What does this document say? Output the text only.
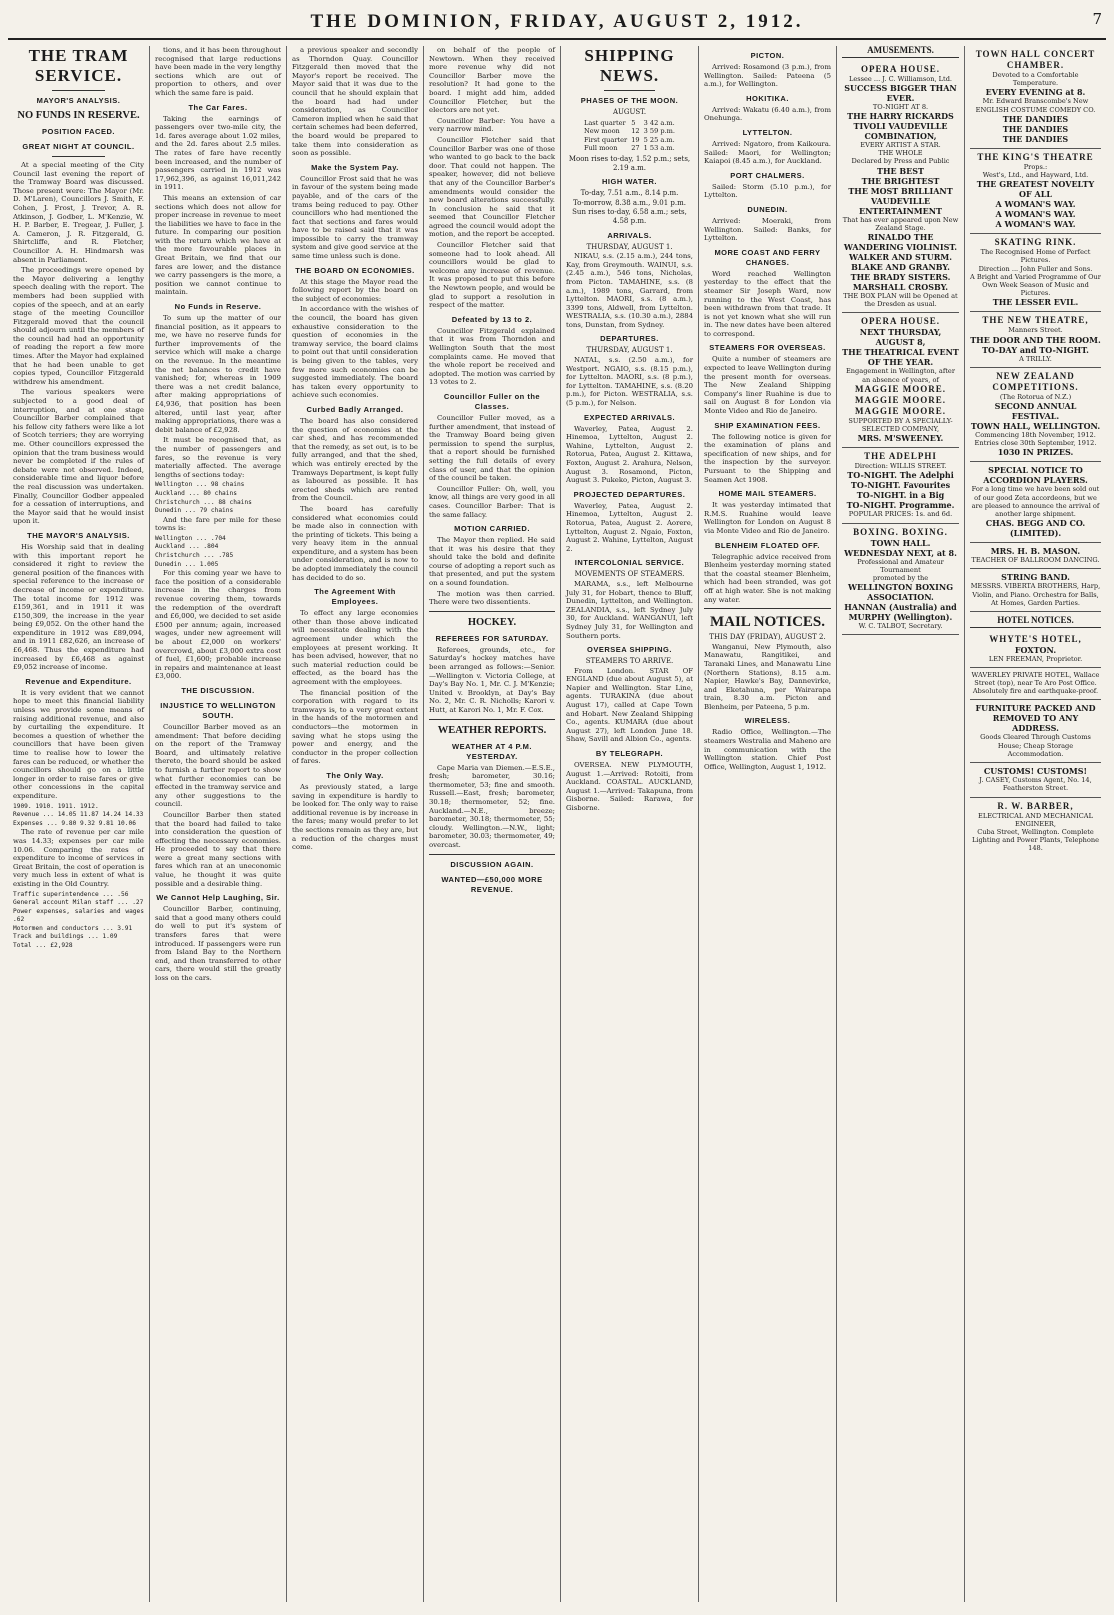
THE DOMINION, FRIDAY, AUGUST 2, 1912.	7
THE TRAM SERVICE.
MAYOR'S ANALYSIS.
NO FUNDS IN RESERVE.
POSITION FACED.
GREAT NIGHT AT COUNCIL.

At a special meeting of the City Council last evening the report of the Tramway Board was discussed. Those present were: The Mayor (Mr. D. M'Laren), Councillors J. Smith, F. Cohen, J. Frost, J. Trevor, A. R. Atkinson, J. Godber, L. M'Kenzie, W. H. P. Barber, E. Tregear, J. Fuller, J. A. Cameron, J. R. Fitzgerald, G. Shirtcliffe, and R. Fletcher, Councillor A. H. Hindmarsh was absent in Parliament.

The proceedings were opened by the Mayor delivering a lengthy speech dealing with the report. The members had been supplied with copies of the speech, and at an early stage of the meeting Councillor Fitzgerald moved that the council should adjourn until the members of the council had had an opportunity of reading the report a few more times. After the Mayor had explained that he had been unable to get copies typed, Councillor Fitzgerald withdrew his amendment.

The various speakers were subjected to a good deal of interruption, and at one stage Councillor Barber complained that his fellow city fathers were like a lot of Scotch terriers; they are worrying me. Other councillors expressed the opinion that the tram business would never be completed if the rules of debate were not observed. Indeed, considerable time and liquor before the real discussion was undertaken. Finally, Councillor Godber appealed for a cessation of interruptions, and the Mayor said that he would insist upon it.

THE MAYOR'S ANALYSIS.

His Worship said that in dealing with this important report he considered it right to review the general position of the finances with special reference to the increase or decrease of income or expenditure. The total income for 1912 was £159,361, and in 1911 it was £150,309, the increase in the year being £9,052. On the other hand the expenditure in 1912 was £89,094, and in 1911 £82,626, an increase of £6,468. Thus the expenditure had increased by £6,468 as against £9,052 increase of income.

Revenue and Expenditure.

It is very evident that we cannot hope to meet this financial liability unless we provide some means of raising additional revenue, and also by curtailing the expenditure. It becomes a question of whether the councillors that have been given time to realise how to lower the fares can be reduced, or whether the councillors should go on a little longer in order to raise fares or give other concessions in the capital expenditure.

1909. 1910. 1911. 1912.
Revenue ... 14.05 11.87 14.24 14.33
Expenses ... 9.80 9.32 9.81 10.06

The rate of revenue per car mile was 14.33; expenses per car mile 10.06. Comparing the rates of expenditure to income of services in Great Britain, the cost of operation is very much less in extent of what is existing in the Old Country.

Traffic superintendence ... .56
General account Milan staff ... .27
Power expenses, salaries and wages .62
Motormen and conductors ... 3.91
Track and buildings ... 1.09
Total ... £2,928

tions, and it has been throughout recognised that large reductions have been made in the very lengthy sections which are out of proportion to others, and over which the same fare is paid.

The Car Fares.

Taking the earnings of passengers over two-mile city, the 1d. fares average about 1.02 miles, and the 2d. fares about 2.5 miles. The rates of fare have recently been increased, and the number of passengers carried in 1912 was 17,962,396, as against 16,011,242 in 1911.

This means an extension of car sections which does not allow for proper increase in revenue to meet the liabilities we have to face in the future. In comparing our position with the return which we have at the more favourable places in Great Britain, we find that our fares are lower, and the distance we carry passengers is the more, a position we cannot continue to maintain.

No Funds in Reserve.

To sum up the matter of our financial position, as it appears to me, we have no reserve funds for further improvements of the service which will make a charge on the revenue. In the meantime the net balances to credit have vanished; for, whereas in 1909 there was a net credit balance, after making appropriations of £4,936, that position has been altered, until last year, after making appropriations, there was a debit balance of £2,928.

It must be recognised that, as the number of passengers and fares, so the revenue is very materially affected. The average lengths of sections today:

Wellington ... 98 chains
Auckland ... 80 chains
Christchurch ... 88 chains
Dunedin ... 79 chains

And the fare per mile for these towns is:

Wellington ... .704
Auckland ... .804
Christchurch ... .785
Dunedin ... 1.005

For this coming year we have to face the position of a considerable increase in the charges from revenue covering them, towards the redemption of the overdraft and £6,000, we decided to set aside £500 per annum; again, increased wages, under new agreement will be about £2,000 on workers' overcrowd, about £3,000 extra cost of fuel, £1,600; probable increase in repairs and maintenance at least £3,000.

THE DISCUSSION.
INJUSTICE TO WELLINGTON SOUTH.

Councillor Barber moved as an amendment: That before deciding on the report of the Tramway Board, and ultimately relative thereto, the board should be asked to furnish a further report to show what further economies can be effected in the tramway service and any other suggestions to the council.

Councillor Barber then stated that the board had failed to take into consideration the question of effecting the necessary economies. He proceeded to say that there were a great many sections with fares which ran at an uneconomic value, he thought it was quite possible and a desirable thing.

We Cannot Help Laughing, Sir.

Councillor Barber, continuing, said that a good many others could do well to put it's system of transfers fares that were introduced. If passengers were run from Island Bay to the Northern end, and then transferred to other cars, there would still the greatly loss on the cars.

a previous speaker and secondly as Thorndon Quay. Councillor Fitzgerald then moved that the Mayor's report be received. The Mayor said that it was due to the council that he should explain that the board had had under consideration, as Councillor Cameron implied when he said that certain schemes had been deferred, the board would be prepared to take them into consideration as soon as possible.

Make the System Pay.

Councillor Frost said that he was in favour of the system being made payable, and of the cars of the trams being reduced to pay. Other councillors who had mentioned the fact that sections and fares would have to be raised said that it was impossible to carry the tramway system and give good service at the same time unless such is done.

THE BOARD ON ECONOMIES.

At this stage the Mayor read the following report by the board on the subject of economies:

In accordance with the wishes of the council, the board has given exhaustive consideration to the question of economies in the tramway service, the board claims to point out that until consideration is being given to the tables, very few more such economies can be suggested immediately. The board has taken every opportunity to achieve such economies.

Curbed Badly Arranged.

The board has also considered the question of economies at the car shed, and has recommended that the remedy, as set out, is to be fully arranged, and that the shed, which was entirely erected by the Tramways Department, is kept fully as laboured as possible. It has erected sheds which are rented from the Council.

The board has carefully considered what economies could be made also in connection with the printing of tickets. This being a very heavy item in the annual expenditure, and a system has been under consideration, and is now to be adopted immediately the council has decided to do so.

The Agreement With Employees.

To effect any large economies other than those above indicated will necessitate dealing with the agreement under which the employees at present working. It has been advised, however, that no such material reduction could be effected, as the board has the agreement with the employees.

The financial position of the corporation with regard to its tramways is, to a very great extent in the hands of the motormen and conductors—the motormen in saving what he stops using the power and energy, and the conductor in the proper collection of fares.

The Only Way.

As previously stated, a large saving in expenditure is hardly to be looked for. The only way to raise additional revenue is by increase in the fares; many would prefer to let the sections remain as they are, but a reduction of the charges must come.

on behalf of the people of Newtown. When they received more revenue why did not Councillor Barber move the resolution? It had gone to the board. I might add him, added Councillor Fletcher, but the electors are not yet.

Councillor Barber: You have a very narrow mind.

Councillor Fletcher said that Councillor Barber was one of those who wanted to go back to the back door. That could not happen. The speaker, however, did not believe that any of the Councillor Barber's amendments would consider the new board alterations successfully. In conclusion he said that it seemed that Councillor Fletcher agreed the council would adopt the motion, and the report be accepted.

Councillor Fletcher said that someone had to look ahead. All councillors would be glad to welcome any increase of revenue. It was proposed to put this before the Newtown people, and would be glad to support a resolution in respect of the matter.

Defeated by 13 to 2.

Councillor Fitzgerald explained that it was from Thorndon and Wellington South that the most complaints came. He moved that the whole report be received and adopted. The motion was carried by 13 votes to 2.

Councillor Fuller on the Classes.

Councillor Fuller moved, as a further amendment, that instead of the Tramway Board being given permission to spend the surplus, that a report should be furnished setting the full details of every class of user, and that the opinion of the council be taken.

Councillor Fuller: Oh, well, you know, all things are very good in all cases. Councillor Barber: That is the same fallacy.

MOTION CARRIED.

The Mayor then replied. He said that it was his desire that they should take the bold and definite course of adopting a report such as that presented, and put the system on a sound foundation.

The motion was then carried. There were two dissentients.

HOCKEY.
REFEREES FOR SATURDAY.

Referees, grounds, etc., for Saturday's hockey matches have been arranged as follows:—Senior.—Wellington v. Victoria College, at Day's Bay No. 1, Mr. C. J. M'Kenzie; United v. Brooklyn, at Day's Bay No. 2, Mr. C. R. Nicholls; Karori v. Hutt, at Karori No. 1, Mr. F. Cox.

WEATHER REPORTS.
WEATHER AT 4 P.M. YESTERDAY.

Cape Maria van Diemen.—E.S.E., fresh; barometer, 30.16; thermometer, 53; fine and smooth. Russell.—East, fresh; barometer, 30.18; thermometer, 52; fine. Auckland.—N.E., breeze; barometer, 30.18; thermometer, 55; cloudy. Wellington.—N.W., light; barometer, 30.03; thermometer, 49; overcast.

DISCUSSION AGAIN.
WANTED—£50,000 MORE REVENUE.
SHIPPING NEWS.
PHASES OF THE MOON.
AUGUST.
Last quarter	5	3 42 a.m.
New moon	12	3 59 p.m.
First quarter	19	5 25 a.m.
Full moon	27	1 53 a.m.
Moon rises to-day, 1.52 p.m.; sets, 2.19 a.m.
HIGH WATER.
To-day, 7.51 a.m., 8.14 p.m.
To-morrow, 8.38 a.m., 9.01 p.m.
Sun rises to-day, 6.58 a.m.; sets, 4.58 p.m.
ARRIVALS.
THURSDAY, AUGUST 1.

NIKAU, s.s. (2.15 a.m.), 244 tons, Kay, from Greymouth. WAINUI, s.s. (2.45 a.m.), 546 tons, Nicholas, from Picton. TAMAHINE, s.s. (8 a.m.), 1989 tons, Garrard, from Lyttelton. MAORI, s.s. (8 a.m.), 3399 tons, Aldwell, from Lyttelton. WESTRALIA, s.s. (10.30 a.m.), 2884 tons, Dunstan, from Sydney.

DEPARTURES.
THURSDAY, AUGUST 1.

NATAL, s.s. (2.50 a.m.), for Westport. NGAIO, s.s. (8.15 p.m.), for Lyttelton. MAORI, s.s. (8 p.m.), for Lyttelton. TAMAHINE, s.s. (8.20 p.m.), for Picton. WESTRALIA, s.s. (5 p.m.), for Nelson.

EXPECTED ARRIVALS.

Waverley, Patea, August 2. Hinemoa, Lyttelton, August 2. Wahine, Lyttelton, August 2. Rotorua, Patea, August 2. Kittawa, Foxton, August 2. Arahura, Nelson, August 3. Rosamond, Picton, August 3. Pukeko, Picton, August 3.

PROJECTED DEPARTURES.

Waverley, Patea, August 2. Hinemoa, Lyttelton, August 2. Rotorua, Patea, August 2. Aorere, Lyttelton, August 2. Ngaio, Foxton, August 2. Wahine, Lyttelton, August 2.

INTERCOLONIAL SERVICE.
MOVEMENTS OF STEAMERS.

MARAMA, s.s., left Melbourne July 31, for Hobart, thence to Bluff, Dunedin, Lyttelton, and Wellington. ZEALANDIA, s.s., left Sydney July 30, for Auckland. WANGANUI, left Sydney July 31, for Wellington and Southern ports.

OVERSEA SHIPPING.
STEAMERS TO ARRIVE.

From London. STAR OF ENGLAND (due about August 5), at Napier and Wellington. Star Line, agents. TURAKINA (due about August 17), called at Cape Town and Hobart. New Zealand Shipping Co., agents. KUMARA (due about August 27), left London June 18. Shaw, Savill and Albion Co., agents.

BY TELEGRAPH.

OVERSEA. NEW PLYMOUTH, August 1.—Arrived: Rotoiti, from Auckland. COASTAL. AUCKLAND, August 1.—Arrived: Takapuna, from Gisborne. Sailed: Rarawa, for Gisborne.

PICTON.

Arrived: Rosamond (3 p.m.), from Wellington. Sailed: Pateena (5 a.m.), for Wellington.

HOKITIKA.

Arrived: Wakatu (6.40 a.m.), from Onehunga.

LYTTELTON.

Arrived: Ngatoro, from Kaikoura. Sailed: Maori, for Wellington; Kaiapoi (8.45 a.m.), for Auckland.

PORT CHALMERS.

Sailed: Storm (5.10 p.m.), for Lyttelton.

DUNEDIN.

Arrived: Moeraki, from Wellington. Sailed: Banks, for Lyttelton.

MORE COAST AND FERRY CHANGES.

Word reached Wellington yesterday to the effect that the steamer Sir Joseph Ward, now running to the West Coast, has been withdrawn from that trade. It is not yet known what she will run in. The new dates have been altered to correspond.

STEAMERS FOR OVERSEAS.

Quite a number of steamers are expected to leave Wellington during the present month for overseas. The New Zealand Shipping Company's liner Ruahine is due to sail on August 8 for London via Monte Video and Rio de Janeiro.

SHIP EXAMINATION FEES.

The following notice is given for the examination of plans and specification of new ships, and for the inspection by the surveyor. Pursuant to the Shipping and Seamen Act 1908.

HOME MAIL STEAMERS.

It was yesterday intimated that R.M.S. Ruahine would leave Wellington for London on August 8 via Monte Video and Rio de Janeiro.

BLENHEIM FLOATED OFF.

Telegraphic advice received from Blenheim yesterday morning stated that the coastal steamer Blenheim, which had been stranded, was got off at high water. She is not making any water.

MAIL NOTICES.
THIS DAY (FRIDAY), AUGUST 2.

Wanganui, New Plymouth, also Manawatu, Rangitikei, and Taranaki Lines, and Manawatu Line (Northern Stations), 8.15 a.m. Napier, Hawke's Bay, Dannevirke, and Eketahuna, per Wairarapa train, 8.30 a.m. Picton and Blenheim, per Pateena, 5 p.m.

WIRELESS.

Radio Office, Wellington.—The steamers Westralia and Maheno are in communication with the Wellington station. Chief Post Office, Wellington, August 1, 1912.

AMUSEMENTS.
OPERA HOUSE.
Lessee ... J. C. Williamson, Ltd.
SUCCESS BIGGER THAN EVER.
TO-NIGHT AT 8.
THE HARRY RICKARDS
TIVOLI VAUDEVILLE COMBINATION,
EVERY ARTIST A STAR.
THE WHOLE
Declared by Press and Public
THE BEST
THE BRIGHTEST
THE MOST BRILLIANT
VAUDEVILLE ENTERTAINMENT
That has ever appeared upon New Zealand Stage.
RINALDO THE WANDERING VIOLINIST.
WALKER AND STURM.
BLAKE AND GRANBY.
THE BRADY SISTERS.
MARSHALL CROSBY.
THE BOX PLAN will be Opened at the Dresden as usual.
OPERA HOUSE.
NEXT THURSDAY, AUGUST 8,
THE THEATRICAL EVENT OF THE YEAR.
Engagement in Wellington, after an absence of years, of
MAGGIE MOORE.
MAGGIE MOORE.
MAGGIE MOORE.
SUPPORTED BY A SPECIALLY-SELECTED COMPANY,
MRS. M'SWEENEY.
THE ADELPHI
Direction: WILLIS STREET.
TO-NIGHT. The Adelphi
TO-NIGHT. Favourites
TO-NIGHT. in a Big
TO-NIGHT. Programme.
POPULAR PRICES: 1s. and 6d.
BOXING. BOXING.
TOWN HALL.
WEDNESDAY NEXT, at 8.
Professional and Amateur Tournament
promoted by the
WELLINGTON BOXING ASSOCIATION.
HANNAN (Australia) and MURPHY (Wellington).
W. C. TALBOT, Secretary.
TOWN HALL CONCERT CHAMBER.
Devoted to a Comfortable Temperature.
EVERY EVENING at 8.
Mr. Edward Branscombe's New
ENGLISH COSTUME COMEDY CO.
THE DANDIES
THE DANDIES
THE DANDIES
THE KING'S THEATRE
Props.:
West's, Ltd., and Hayward, Ltd.
THE GREATEST NOVELTY OF ALL
A WOMAN'S WAY.
A WOMAN'S WAY.
A WOMAN'S WAY.
SKATING RINK.
The Recognised Home of Perfect Pictures.
Direction ... John Fuller and Sons.
A Bright and Varied Programme of Our Own Week Season of Music and Pictures.
THE LESSER EVIL.
THE NEW THEATRE,
Manners Street.
THE DOOR AND THE ROOM.
TO-DAY and TO-NIGHT.
A TRILLY.
NEW ZEALAND COMPETITIONS.
(The Rotorua of N.Z.)
SECOND ANNUAL FESTIVAL.
TOWN HALL, WELLINGTON.
Commencing 18th November, 1912.
Entries close 30th September, 1912.
1030 IN PRIZES.
SPECIAL NOTICE TO ACCORDION PLAYERS.
For a long time we have been sold out of our good Zeta accordeons, but we are pleased to announce the arrival of another large shipment.
CHAS. BEGG AND CO. (LIMITED).
MRS. H. B. MASON.
TEACHER OF BALLROOM DANCING.
STRING BAND.
MESSRS. VIBERTA BROTHERS, Harp, Violin, and Piano. Orchestra for Balls, At Homes, Garden Parties.
HOTEL NOTICES.
WHYTE'S HOTEL,
FOXTON.
LEN FREEMAN, Proprietor.
WAVERLEY PRIVATE HOTEL, Wallace Street (top), near Te Aro Post Office. Absolutely fire and earthquake-proof.
FURNITURE PACKED AND REMOVED TO ANY ADDRESS.
Goods Cleared Through Customs House; Cheap Storage Accommodation.
CUSTOMS! CUSTOMS!
J. CASEY, Customs Agent, No. 14, Featherston Street.
R. W. BARBER,
ELECTRICAL AND MECHANICAL ENGINEER,
Cuba Street, Wellington. Complete Lighting and Power Plants, Telephone 148.
